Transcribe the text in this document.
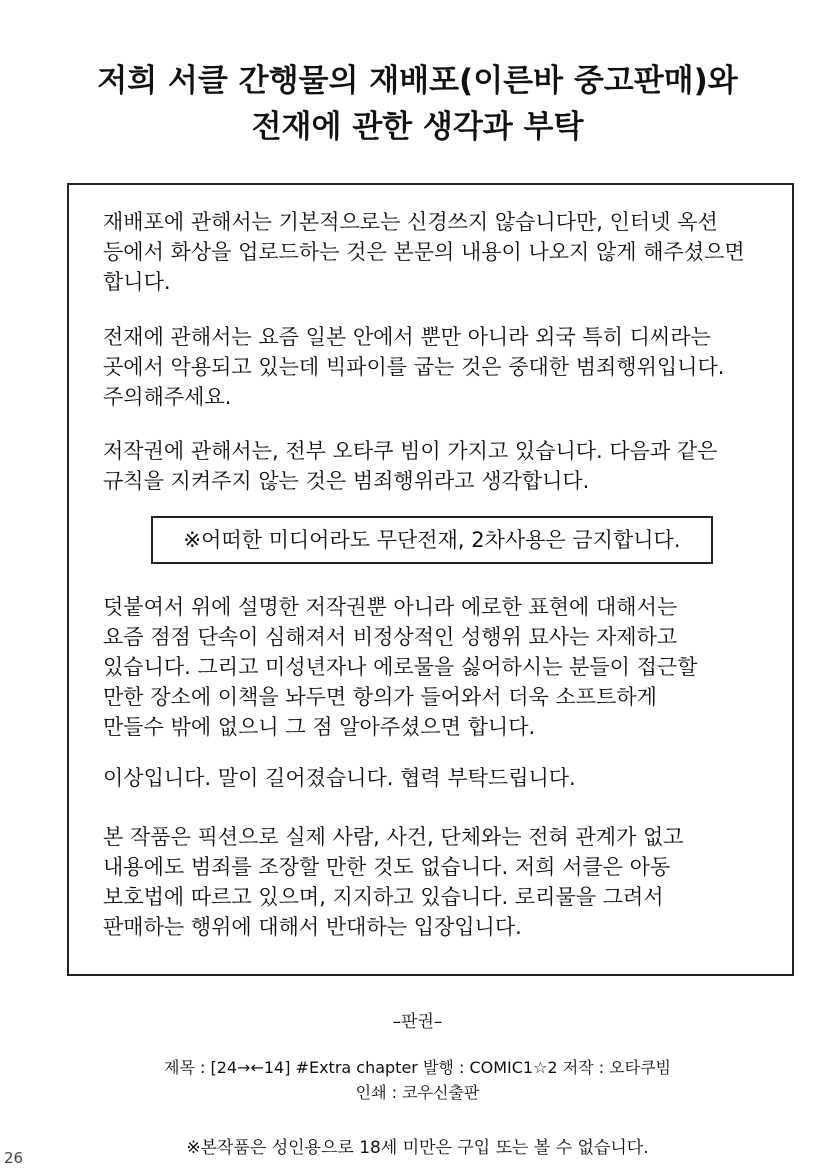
저희 서클 간행물의 재배포(이른바 중고판매)와
전재에 관한 생각과 부탁
재배포에 관해서는 기본적으로는 신경쓰지 않습니다만, 인터넷 옥션
등에서 화상을 업로드하는 것은 본문의 내용이 나오지 않게 해주셨으면
합니다.
전재에 관해서는 요즘 일본 안에서 뿐만 아니라 외국 특히 디씨라는
곳에서 악용되고 있는데 빅파이를 굽는 것은 중대한 범죄행위입니다.
주의해주세요.
저작권에 관해서는, 전부 오타쿠 빔이 가지고 있습니다. 다음과 같은
규칙을 지켜주지 않는 것은 범죄행위라고 생각합니다.
※어떠한 미디어라도 무단전재, 2차사용은 금지합니다.
덧붙여서 위에 설명한 저작권뿐 아니라 에로한 표현에 대해서는
요즘 점점 단속이 심해져서 비정상적인 성행위 묘사는 자제하고
있습니다. 그리고 미성년자나 에로물을 싫어하시는 분들이 접근할
만한 장소에 이책을 놔두면 항의가 들어와서 더욱 소프트하게
만들수 밖에 없으니 그 점 알아주셨으면 합니다.
이상입니다. 말이 길어졌습니다. 협력 부탁드립니다.
본 작품은 픽션으로 실제 사람, 사건, 단체와는 전혀 관계가 없고
내용에도 범죄를 조장할 만한 것도 없습니다. 저희 서클은 아동
보호법에 따르고 있으며, 지지하고 있습니다. 로리물을 그려서
판매하는 행위에 대해서 반대하는 입장입니다.
–판권–
제목 : [24→←14] #Extra chapter 발행 : COMIC1☆2 저작 : 오타쿠빔
인쇄 : 코우신출판
※본작품은 성인용으로 18세 미만은 구입 또는 볼 수 없습니다.
26
